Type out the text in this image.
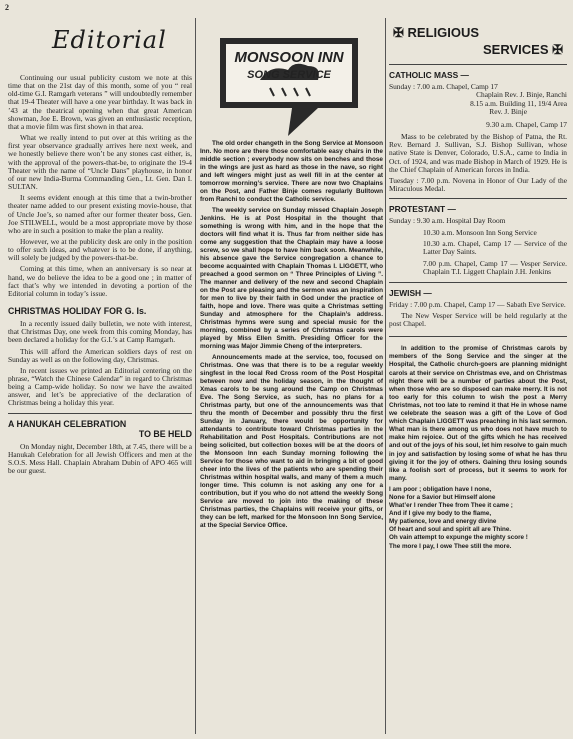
2
Editorial

Continuing our usual publicity custom we note at this time that on the 21st day of this month, some of you “ real old-time G.I. Ramgarh veterans ” will undoubtedly remember that 19-4 Theater will have a one year birthday. It was back in ’43 at the theatrical opening when that great American showman, Joe E. Brown, was given an enthusiastic reception, that a movie film was first shown in that area.

What we really intend to put over at this writing as the first year observance gradually arrives here next week, and we honestly believe there won’t be any stones cast either, is, with the approval of the powers-that-be, to originate the 19-4 Theater with the name of “Uncle Dans” playhouse, in honor of our new India-Burma Commanding Gen., Lt. Gen. Dan I. SULTAN.

It seems evident enough at this time that a twin-brother theater name added to our present existing movie-house, that of Uncle Joe’s, so named after our former theater boss, Gen. Joe STILWELL, would be a most appropriate move by those who are in such a position to make the plan a reality.

However, we at the publicity desk are only in the position to offer such ideas, and whatever is to be done, if anything, will solely be judged by the powers-that-be.

Coming at this time, when an anniversary is so near at hand, we do believe the idea to be a good one ; in matter of fact that’s why we intended in devoting a portion of the Editorial column in today’s issue.

CHRISTMAS HOLIDAY FOR G. Is.

In a recently issued daily bulletin, we note with interest, that Christmas Day, one week from this coming Monday, has been declared a holiday for the G.I.’s at Camp Ramgarh.

This will afford the American soldiers days of rest on Sunday as well as on the following day, Christmas.

In recent issues we printed an Editorial centering on the phrase, “Watch the Chinese Calendar” in regard to Christmas being a Camp-wide holiday. So now we have the awaited answer, and let’s be appreciative of the declaration of Christmas being a holiday this year.

A HANUKAH CELEBRATION
TO BE HELD

On Monday night, December 18th, at 7.45, there will be a Hanukah Celebration for all Jewish Officers and men at the S.O.S. Mess Hall. Chaplain Abraham Dubin of APO 465 will be our guest.

MONSOON INN
SONG SERVICE

The old order changeth in the Song Service at Monsoon Inn. No more are there those comfortable easy chairs in the middle section ; everybody now sits on benches and those in the wings are just as hard as those in the nave, so right and left wingers might just as well fill in at the center at tomorrow morning’s service. There are now two Chaplains on the Post, and Father Binje comes regularly Bulltown from Ranchi to conduct the Catholic service.

The weekly service on Sunday missed Chaplain Joseph Jenkins. He is at Post Hospital in the thought that something is wrong with him, and in the hope that the doctors will find what it is. Thus far from neither side has come any suggestion that the Chaplain may have a loose screw, so we shall hope to have him back soon. Meanwhile, his absence gave the Service congregation a chance to become acquainted with Chaplain Thomas I. LIGGETT, who preached a good sermon on “ Three Principles of Living ”. The manner and delivery of the new and second Chaplain on the Post are pleasing and the sermon was an inspiration for men to live by their faith in God under the practice of faith, hope and love. There was quite a Christmas setting Sunday and atmosphere for the Chaplain’s address. Christmas hymns were sung and special music for the morning, combined by a series of Christmas carols were played by Miss Ellen Smith. Presiding Officer for the morning was Major Jimmie Cheng of the interpreters.

Announcements made at the service, too, focused on Christmas. One was that there is to be a regular weekly singfest in the local Red Cross room of the Post Hospital between now and the holiday season, in the thought of Xmas carols to be sung around the Camp on Christmas Eve. The Song Service, as such, has no plans for a Christmas party, but one of the announcements was that thru the month of December and possibly thru the first Sunday in January, there would be opportunity for attendants to contribute toward Christmas parties in the Rehabilitation and Post Hospitals. Contributions are not being solicited, but collection boxes will be at the doors of the Monsoon Inn each Sunday morning following the Service for those who want to aid in bringing a bit of good cheer into the lives of the patients who are spending their Christmas within hospital walls, and many of them a much longer time. This column is not asking any one for a contribution, but if you who do not attend the weekly Song Service are moved to join into the making of these Christmas parties, the Chaplains will receive your gifts, or they can be left, marked for the Monsoon Inn Song Service, at the Special Service Office.

✠ RELIGIOUS
SERVICES ✠
CATHOLIC MASS —

Sunday : 7.00 a.m. Chapel, Camp 17

Chaplain Rev. J. Binje, Ranchi

8.15 a.m. Building 11, 19/4 Area

Rev. J. Binje

9.30 a.m. Chapel, Camp 17

Mass to be celebrated by the Bishop of Patna, the Rt. Rev. Bernard J. Sullivan, S.J. Bishop Sullivan, whose native State is Denver, Colorado, U.S.A., came to India in Oct. of 1924, and was made Bishop in March of 1929. He is the Chief Chaplain of American forces in India.

Tuesday : 7.00 p.m. Novena in Honor of Our Lady of the Miraculous Medal.

PROTESTANT —

Sunday : 9.30 a.m. Hospital Day Room

10.30 a.m. Monsoon Inn Song Service

10.30 a.m. Chapel, Camp 17 — Service of the Latter Day Saints.

7.00 p.m. Chapel, Camp 17 — Vesper Service. Chaplain T.I. Liggett Chaplain J.H. Jenkins

JEWISH —

Friday : 7.00 p.m. Chapel, Camp 17 — Sabath Eve Service.

The New Vesper Service will be held regularly at the post Chapel.

In addition to the promise of Christmas carols by members of the Song Service and the singer at the Hospital, the Catholic church-goers are planning midnight carols at their service on Christmas eve, and on Christmas night there will be a number of parties about the Post, when those who are so disposed can make merry. It is not too early for this column to wish the post a Merry Christmas, not too late to remind it that He in whose name we celebrate the season was a gift of the Love of God which Chaplain LIGGETT was preaching in his last sermon. What man is there among us who does not have much to make him rejoice. Out of the gifts which he has received and out of the joys of his soul, let him resolve to gain much in joy and satisfaction by losing some of what he has thru giving it for the joy of others. Gaining thru losing sounds like a foolish sort of process, but it seems to work for many.

I am poor ; obligation have I none,

None for a Savior but Himself alone

What’er I render Thee from Thee it came ;

And if I give my body to the flame,

My patience, love and energy divine

Of heart and soul and spirit all are Thine.

Oh vain attempt to expunge the mighty score !

The more I pay, I owe Thee still the more.
